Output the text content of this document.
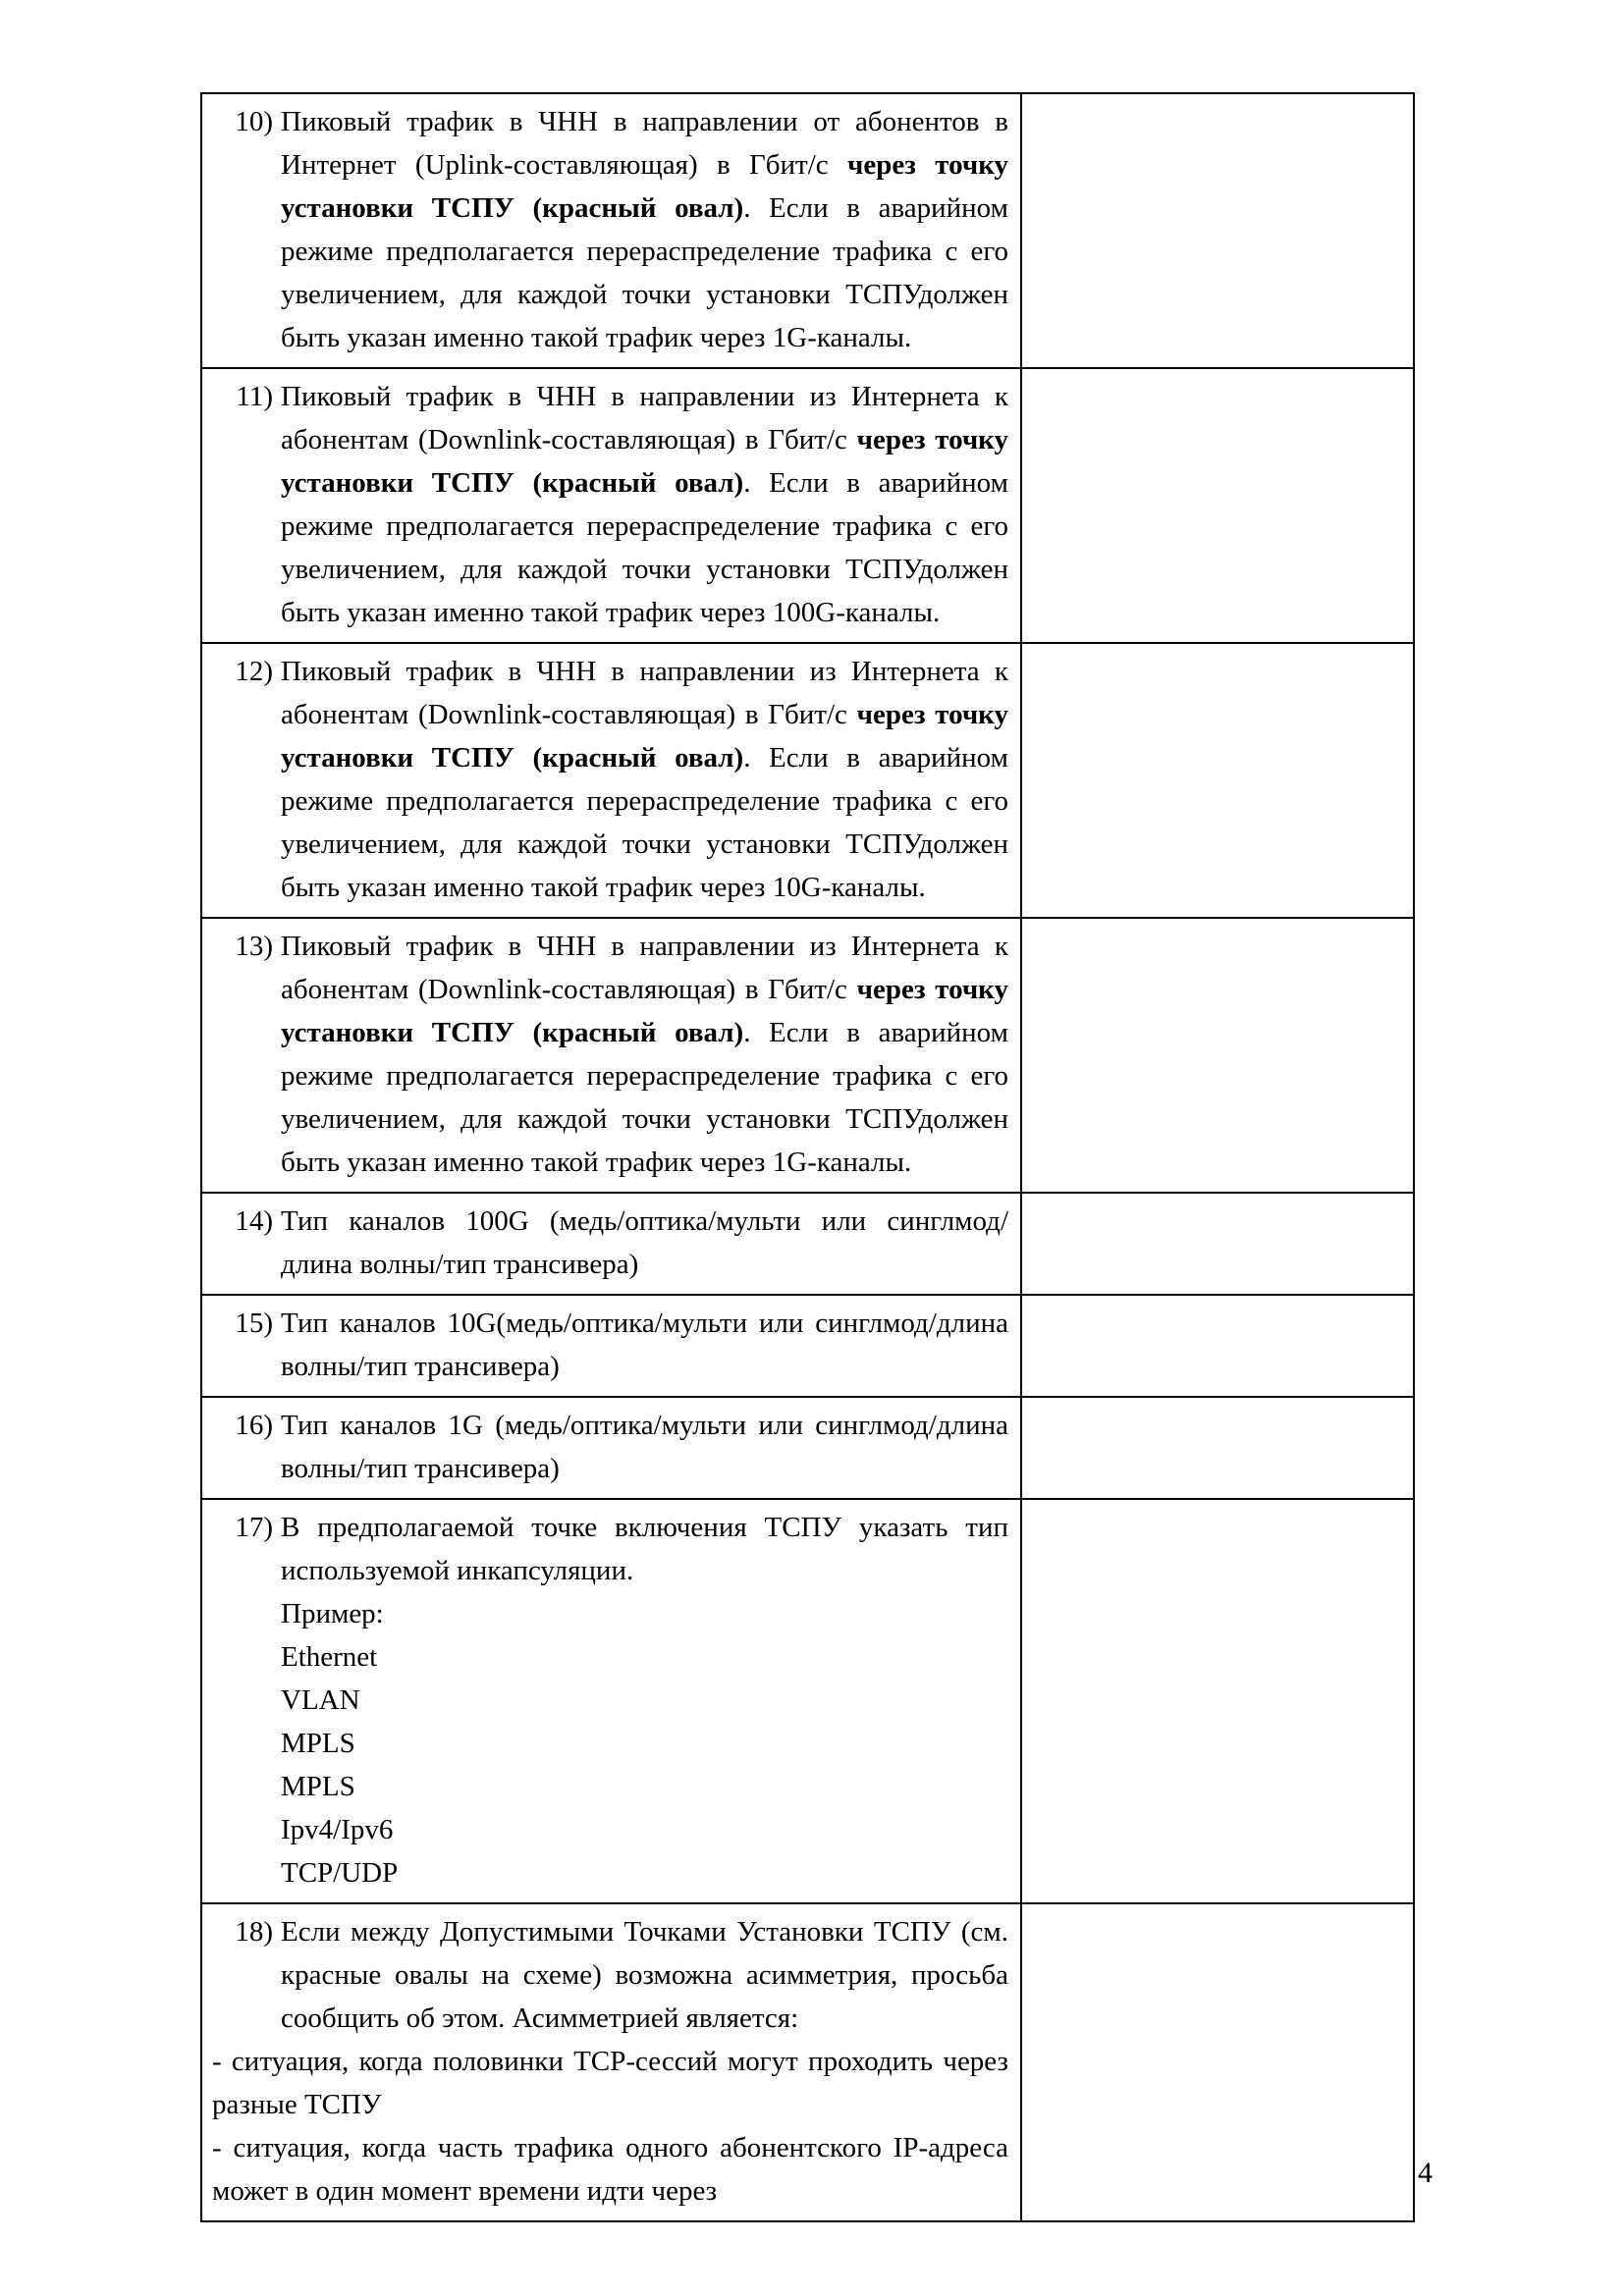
10) Пиковый трафик в ЧНН в направлении от абонентов в Интернет (Uplink-составляющая) в Гбит/с через точку установки ТСПУ (красный овал). Если в аварийном режиме предполагается перераспределение трафика с его увеличением, для каждой точки установки ТСПУдолжен быть указан именно такой трафик через 1G-каналы.	

11) Пиковый трафик в ЧНН в направлении из Интернета к абонентам (Downlink-составляющая) в Гбит/с через точку установки ТСПУ (красный овал). Если в аварийном режиме предполагается перераспределение трафика с его увеличением, для каждой точки установки ТСПУдолжен быть указан именно такой трафик через 100G-каналы.	

12) Пиковый трафик в ЧНН в направлении из Интернета к абонентам (Downlink-составляющая) в Гбит/с через точку установки ТСПУ (красный овал). Если в аварийном режиме предполагается перераспределение трафика с его увеличением, для каждой точки установки ТСПУдолжен быть указан именно такой трафик через 10G-каналы.	

13) Пиковый трафик в ЧНН в направлении из Интернета к абонентам (Downlink-составляющая) в Гбит/с через точку установки ТСПУ (красный овал). Если в аварийном режиме предполагается перераспределение трафика с его увеличением, для каждой точки установки ТСПУдолжен быть указан именно такой трафик через 1G-каналы.	

14) Тип каналов 100G (медь/оптика/мульти или синглмод/длина волны/тип трансивера)	

15) Тип каналов 10G(медь/оптика/мульти или синглмод/длина волны/тип трансивера)	

16) Тип каналов 1G (медь/оптика/мульти или синглмод/длина волны/тип трансивера)	

17) В предполагаемой точке включения ТСПУ указать тип используемой инкапсуляции.

Пример:

Ethernet

VLAN

MPLS

MPLS

Ipv4/Ipv6

TCP/UDP

18) Если между Допустимыми Точками Установки ТСПУ (см. красные овалы на схеме) возможна асимметрия, просьба сообщить об этом. Асимметрией является:

- ситуация, когда половинки TCP-сессий могут проходить через разные ТСПУ

- ситуация, когда часть трафика одного абонентского IP-адреса может в один момент времени идти через	

4
